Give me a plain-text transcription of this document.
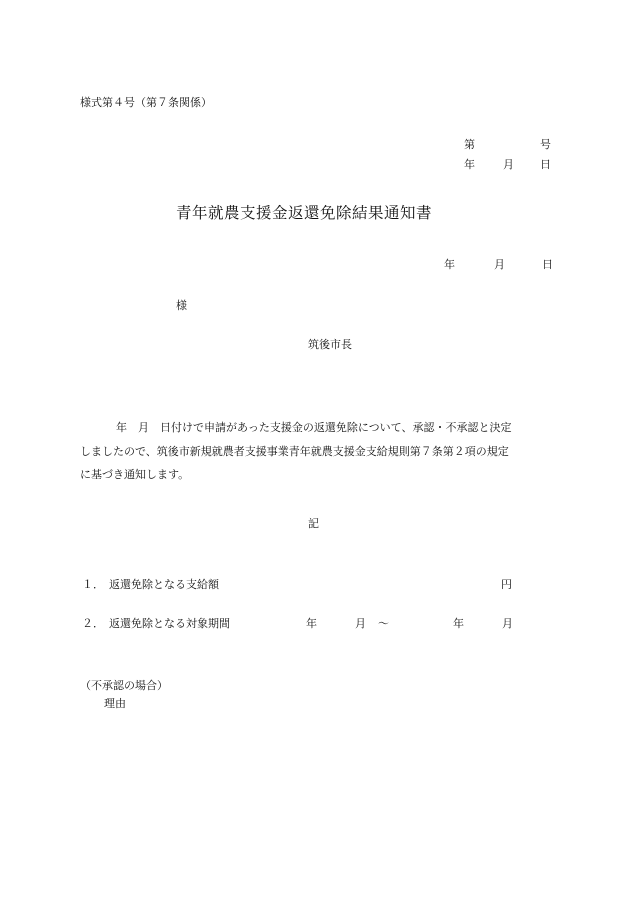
様式第４号（第７条関係）
第	号
年	月 日
青年就農支援金返還免除結果通知書
年	月	日
様
筑後市長

年　月　日付けで申請があった支援金の返還免除について、承認・不承認と決定

しましたので、筑後市新規就農者支援事業青年就農支援金支給規則第７条第２項の規定

に基づき通知します。

記
１． 返還免除となる支給額	円
２． 返還免除となる対象期間	年	月 ～	年	月
（不承認の場合）
理由
